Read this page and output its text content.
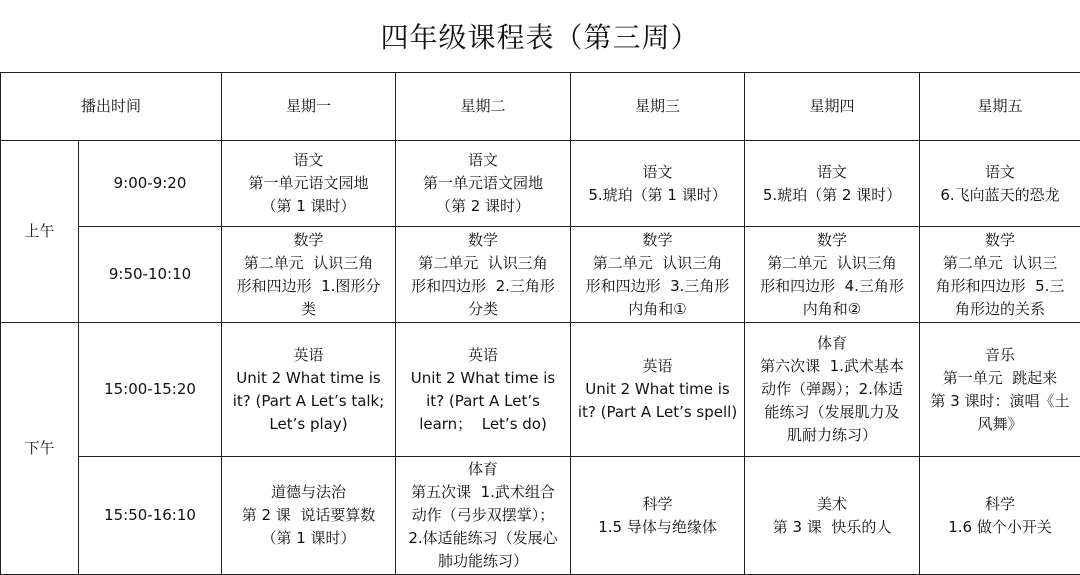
四年级课程表（第三周）
播出时间		星期一	星期二	星期三	星期四	星期五
上午	9:00-9:20	语文
第一单元语文园地
（第 1 课时）	语文
第一单元语文园地
（第 2 课时）	语文
5.琥珀（第 1 课时）	语文
5.琥珀（第 2 课时）	语文
6.飞向蓝天的恐龙

	9:50-10:10	数学
第二单元  认识三角
形和四边形  1.图形分
类	数学
第二单元  认识三角
形和四边形  2.三角形
分类	数学
第二单元  认识三角
形和四边形  3.三角形
内角和①	数学
第二单元  认识三角
形和四边形  4.三角形
内角和②	数学
第二单元  认识三
角形和四边形  5.三
角形边的关系

下午	15:00-15:20	英语
Unit 2 What time is
it? (Part A Let’s talk;
Let’s play)	英语
Unit 2 What time is
it? (Part A Let’s
learn；  Let’s do)	英语
Unit 2 What time is
it? (Part A Let’s spell)	体育
第六次课  1.武术基本
动作（弹踢）；2.体适
能练习（发展肌力及
肌耐力练习）	音乐
第一单元  跳起来
第 3 课时：演唱《土
风舞》

	15:50-16:10	道德与法治
第 2 课  说话要算数
（第 1 课时）	体育
第五次课  1.武术组合
动作（弓步双摆掌）；
2.体适能练习（发展心
肺功能练习）	科学
1.5 导体与绝缘体	美术
第 3 课  快乐的人	科学
1.6 做个小开关
